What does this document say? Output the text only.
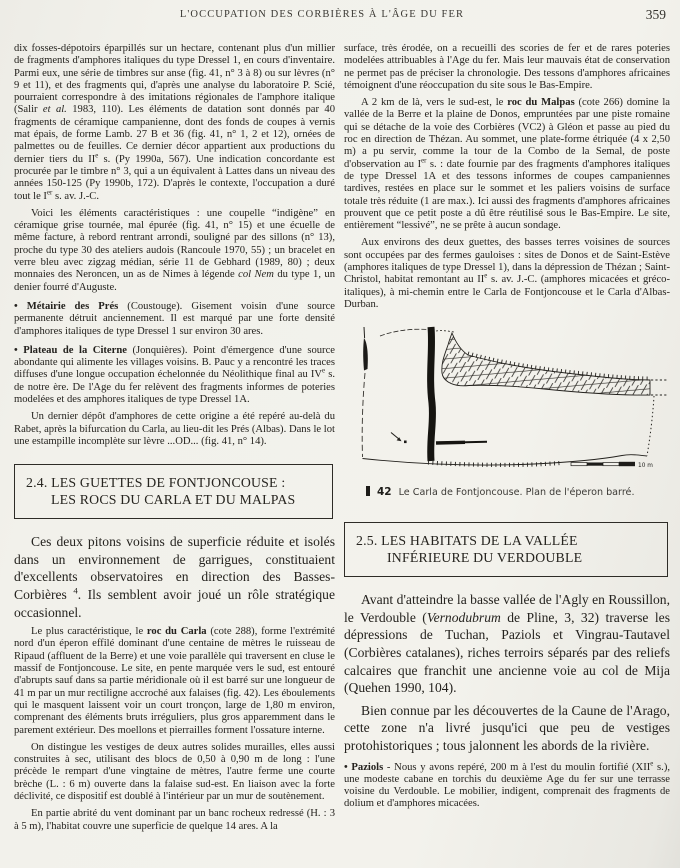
L'OCCUPATION DES CORBIÈRES À L'ÂGE DU FER	359

dix fosses-dépotoirs éparpillés sur un hectare, contenant plus d'un millier de fragments d'amphores italiques du type Dressel 1, en cours d'inventaire. Parmi eux, une série de timbres sur anse (fig. 41, n° 3 à 8) ou sur lèvres (n° 9 et 11), et des fragments qui, d'après une analyse du laboratoire P. Scié, pourraient correspondre à des imitations régionales de l'amphore italique (Salir et al. 1983, 110). Les éléments de datation sont donnés par 40 fragments de céramique campanienne, dont des fonds de coupes à vernis mat épais, de forme Lamb. 27 B et 36 (fig. 41, n° 1, 2 et 12), ornées de palmettes ou de feuilles. Ce dernier décor appartient aux productions du dernier tiers du IIe s. (Py 1990a, 567). Une indication concordante est procurée par le timbre n° 3, qui a un équivalent à Lattes dans un niveau des années 150-125 (Py 1990b, 172). D'après le contexte, l'occupation a duré tout le Ier s. av. J.-C.

Voici les éléments caractéristiques : une coupelle “indigène” en céramique grise tournée, mal épurée (fig. 41, n° 15) et une écuelle de même facture, à rebord rentrant arrondi, souligné par des sillons (n° 13), proche du type 30 des ateliers audois (Rancoule 1970, 55) ; un bracelet en verre bleu avec zigzag médian, série 11 de Gebhard (1989, 80) ; deux monnaies des Neroncen, un as de Nimes à légende col Nem du type 1, un denier fourré d'Auguste.

• Métairie des Prés (Coustouge). Gisement voisin d'une source permanente détruit anciennement. Il est marqué par une forte densité d'amphores italiques de type Dressel 1 sur environ 30 ares.

• Plateau de la Citerne (Jonquières). Point d'émergence d'une source abondante qui alimente les villages voisins. B. Pauc y a rencontré les traces diffuses d'une longue occupation échelonnée du Néolithique final au IVe s. de notre ère. De l'Age du fer relèvent des fragments informes de poteries modelées et des amphores italiques de type Dressel 1A.

Un dernier dépôt d'amphores de cette origine a été repéré au-delà du Rabet, après la bifurcation du Carla, au lieu-dit les Prés (Albas). Dans le lot une estampille incomplète sur lèvre ...OD... (fig. 41, n° 14).

2.4. LES GUETTES DE FONTJONCOUSE :
LES ROCS DU CARLA ET DU MALPAS

Ces deux pitons voisins de superficie réduite et isolés dans un environnement de garrigues, constituaient d'excellents observatoires en direction des Basses-Corbières $^4$. Ils semblent avoir joué un rôle stratégique occasionnel.

Le plus caractéristique, le roc du Carla (cote 288), forme l'extrémité nord d'un éperon effilé dominant d'une centaine de mètres le ruisseau de Ripaud (affluent de la Berre) et une voie parallèle qui traversent en cluse le massif de Fontjoncouse. Le site, en pente marquée vers le sud, est entouré d'abrupts sauf dans sa partie méridionale où il est barré sur une longueur de 41 m par un mur rectiligne accroché aux falaises (fig. 42). Les éboulements qui le masquent laissent voir un court tronçon, large de 1,80 m environ, comprenant des éléments bruts irréguliers, plus gros apparemment dans le parement extérieur. Des moellons et pierrailles forment l'ossature interne.

On distingue les vestiges de deux autres solides murailles, elles aussi construites à sec, utilisant des blocs de 0,50 à 0,90 m de long : l'une précède le rempart d'une vingtaine de mètres, l'autre ferme une courte brèche (L. : 6 m) ouverte dans la falaise sud-est. En liaison avec la forte déclivité, ce dispositif est doublé à l'intérieur par un mur de soutènement.

En partie abrité du vent dominant par un banc rocheux redressé (H. : 3 à 5 m), l'habitat couvre une superficie de quelque 14 ares. A la

surface, très érodée, on a recueilli des scories de fer et de rares poteries modelées attribuables à l'Age du fer. Mais leur mauvais état de conservation ne permet pas de préciser la chronologie. Des tessons d'amphores africaines témoignent d'une réoccupation du site sous le Bas-Empire.

A 2 km de là, vers le sud-est, le roc du Malpas (cote 266) domine la vallée de la Berre et la plaine de Donos, empruntées par une piste romaine qui se détache de la voie des Corbières (VC2) à Gléon et passe au pied du roc en direction de Thézan. Au sommet, une plate-forme étriquée (4 x 2,50 m) a pu servir, comme la tour de la Combo de la Semal, de poste d'observation au Ier s. : date fournie par des fragments d'amphores italiques de type Dressel 1A et des tessons informes de coupes campaniennes tardives, restées en place sur le sommet et les paliers voisins de surface totale très réduite (1 are max.). Ici aussi des fragments d'amphores africaines prouvent que ce petit poste a dû être réutilisé sous le Bas-Empire. Le site, entièrement “lessivé”, ne se prête à aucun sondage.

Aux environs des deux guettes, des basses terres voisines de sources sont occupées par des fermes gauloises : sites de Donos et de Saint-Estève (amphores italiques de type Dressel 1), dans la dépression de Thézan ; Saint-Christol, habitat remontant au IIe s. av. J.-C. (amphores micacées et gréco-italiques), à mi-chemin entre le Carla de Fontjoncouse et le Carla d'Albas-Durban.

10 m
42 Le Carla de Fontjoncouse. Plan de l'éperon barré.
2.5. LES HABITATS DE LA VALLÉE
INFÉRIEURE DU VERDOUBLE

Avant d'atteindre la basse vallée de l'Agly en Roussillon, le Verdouble (Vernodubrum de Pline, 3, 32) traverse les dépressions de Tuchan, Paziols et Vingrau-Tautavel (Corbières catalanes), riches terroirs séparés par des reliefs calcaires que franchit une ancienne voie au col de Mija (Quehen 1990, 104).

Bien connue par les découvertes de la Caune de l'Arago, cette zone n'a livré jusqu'ici que peu de vestiges protohistoriques ; tous jalonnent les abords de la rivière.

• Paziols - Nous y avons repéré, 200 m à l'est du moulin fortifié (XIIe s.), une modeste cabane en torchis du deuxième Age du fer sur une terrasse voisine du Verdouble. Le mobilier, indigent, comprenait des fragments de dolium et d'amphores micacées.
